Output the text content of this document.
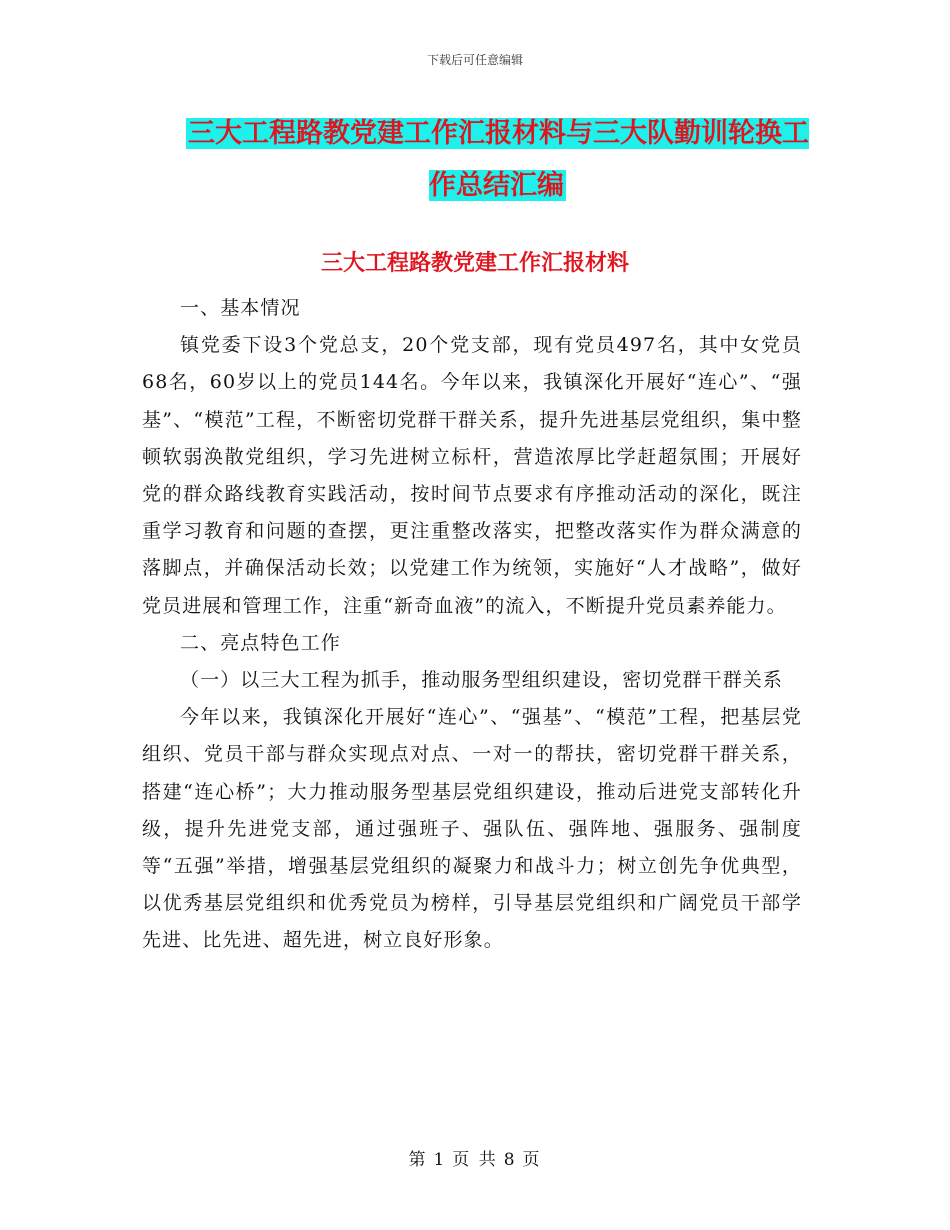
下载后可任意编辑
三大工程路教党建工作汇报材料与三大队勤训轮换工作总结汇编
三大工程路教党建工作汇报材料

一、基本情况

镇党委下设3个党总支，20个党支部，现有党员497名，其中女党员68名，60岁以上的党员144名。今年以来，我镇深化开展好“连心”、“强基”、“模范”工程，不断密切党群干群关系，提升先进基层党组织，集中整顿软弱涣散党组织，学习先进树立标杆，营造浓厚比学赶超氛围；开展好党的群众路线教育实践活动，按时间节点要求有序推动活动的深化，既注重学习教育和问题的查摆，更注重整改落实，把整改落实作为群众满意的落脚点，并确保活动长效；以党建工作为统领，实施好“人才战略”，做好党员进展和管理工作，注重“新奇血液”的流入，不断提升党员素养能力。

二、亮点特色工作

（一）以三大工程为抓手，推动服务型组织建设，密切党群干群关系

今年以来，我镇深化开展好“连心”、“强基”、“模范”工程，把基层党组织、党员干部与群众实现点对点、一对一的帮扶，密切党群干群关系，搭建“连心桥”；大力推动服务型基层党组织建设，推动后进党支部转化升级，提升先进党支部，通过强班子、强队伍、强阵地、强服务、强制度等“五强”举措，增强基层党组织的凝聚力和战斗力；树立创先争优典型，以优秀基层党组织和优秀党员为榜样，引导基层党组织和广阔党员干部学先进、比先进、超先进，树立良好形象。

第 1 页 共 8 页
